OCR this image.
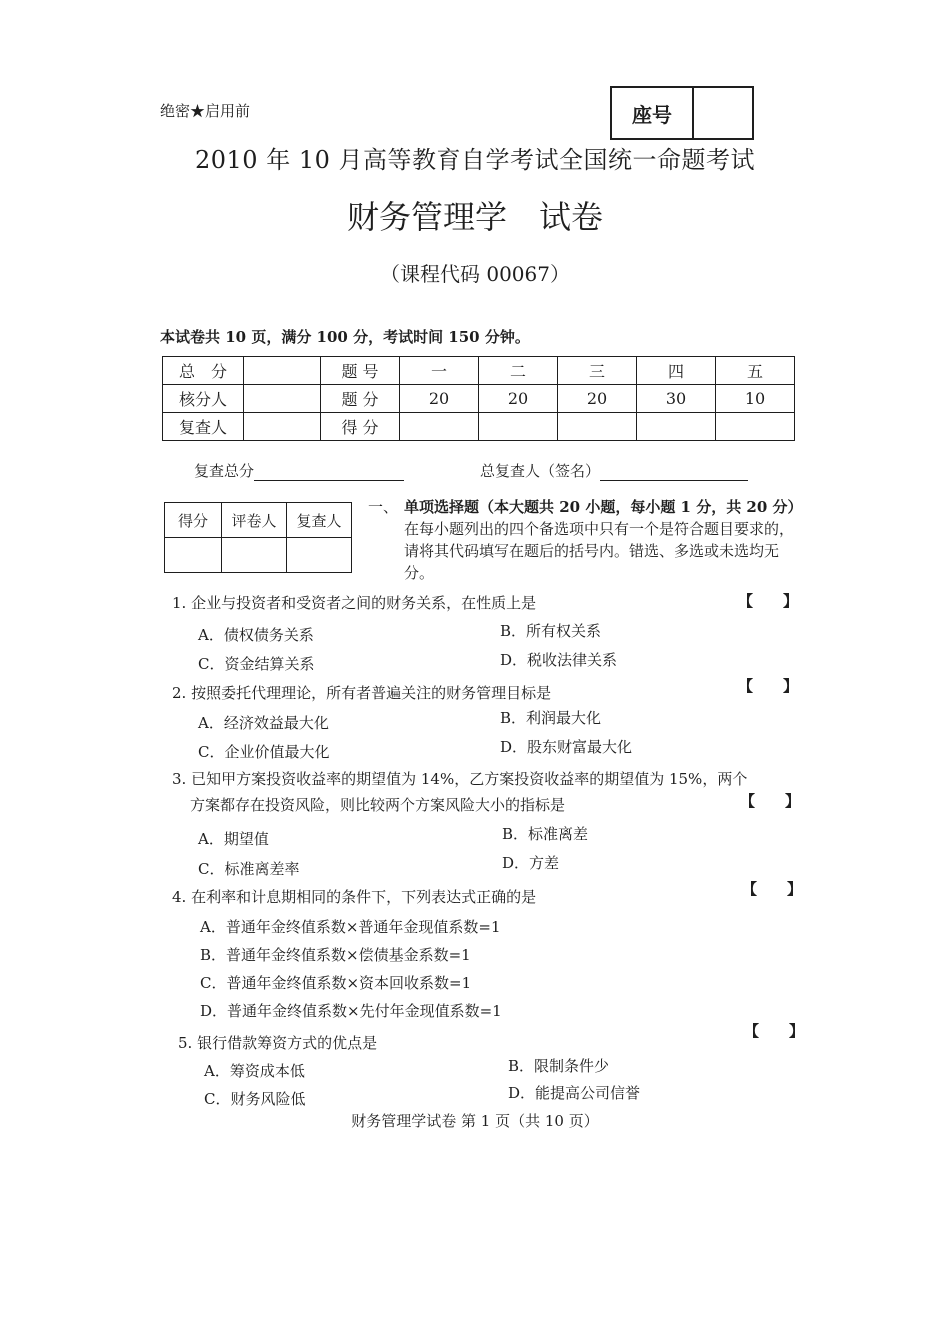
绝密★启用前	座号
2010 年 10 月高等教育自学考试全国统一命题考试
财务管理学　试卷
（课程代码 00067）
本试卷共 10 页，满分 100 分，考试时间 150 分钟。
总　分		题 号	一	二	三	四	五
核分人		题 分	20	20	20	30	10
复查人		得 分					
复查总分	总复查人（签名）
得分	评卷人	复查人

一、 单项选择题（本大题共 20 小题，每小题 1 分，共 20 分）
在每小题列出的四个备选项中只有一个是符合题目要求的，请将其代码填写在题后的括号内。错选、多选或未选均无分。
1. 企业与投资者和受资者之间的财务关系，在性质上是	【　　】
A．债权债务关系	B．所有权关系
C．资金结算关系	D．税收法律关系
2. 按照委托代理理论，所有者普遍关注的财务管理目标是	【　　】
A．经济效益最大化	B．利润最大化
C．企业价值最大化	D．股东财富最大化
3. 已知甲方案投资收益率的期望值为 14%，乙方案投资收益率的期望值为 15%，两个
方案都存在投资风险，则比较两个方案风险大小的指标是	【　　】
A．期望值	B．标准离差
C．标准离差率	D．方差
4. 在利率和计息期相同的条件下，下列表达式正确的是	【　　】
A．普通年金终值系数×普通年金现值系数=1
B．普通年金终值系数×偿债基金系数=1
C．普通年金终值系数×资本回收系数=1
D．普通年金终值系数×先付年金现值系数=1
5. 银行借款筹资方式的优点是
【　　】
A．筹资成本低	B．限制条件少
C．财务风险低	D．能提高公司信誉
财务管理学试卷 第 1 页（共 10 页）
